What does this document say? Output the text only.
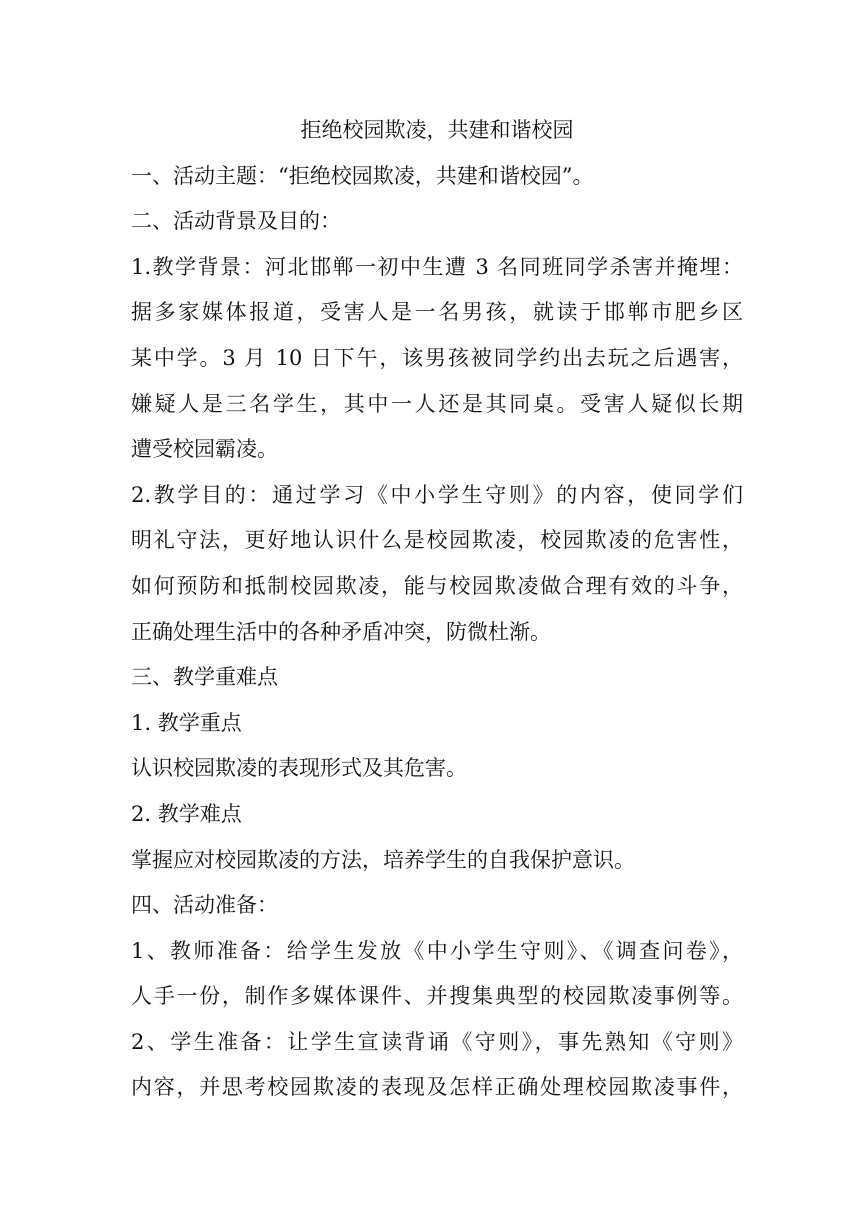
拒绝校园欺凌，共建和谐校园
一、活动主题：“拒绝校园欺凌，共建和谐校园”。
二、活动背景及目的：
1.教学背景：河北邯郸一初中生遭 3 名同班同学杀害并掩埋：
据多家媒体报道，受害人是一名男孩，就读于邯郸市肥乡区
某中学。3 月 10 日下午，该男孩被同学约出去玩之后遇害，
嫌疑人是三名学生，其中一人还是其同桌。受害人疑似长期
遭受校园霸凌。
2.教学目的：通过学习《中小学生守则》的内容，使同学们
明礼守法，更好地认识什么是校园欺凌，校园欺凌的危害性，
如何预防和抵制校园欺凌，能与校园欺凌做合理有效的斗争，
正确处理生活中的各种矛盾冲突，防微杜渐。
三、教学重难点
1. 教学重点
认识校园欺凌的表现形式及其危害。
2. 教学难点
掌握应对校园欺凌的方法，培养学生的自我保护意识。
四、活动准备：
1、教师准备：给学生发放《中小学生守则》、《调查问卷》，
人手一份，制作多媒体课件、并搜集典型的校园欺凌事例等。
2、学生准备：让学生宣读背诵《守则》，事先熟知《守则》
内容，并思考校园欺凌的表现及怎样正确处理校园欺凌事件，
